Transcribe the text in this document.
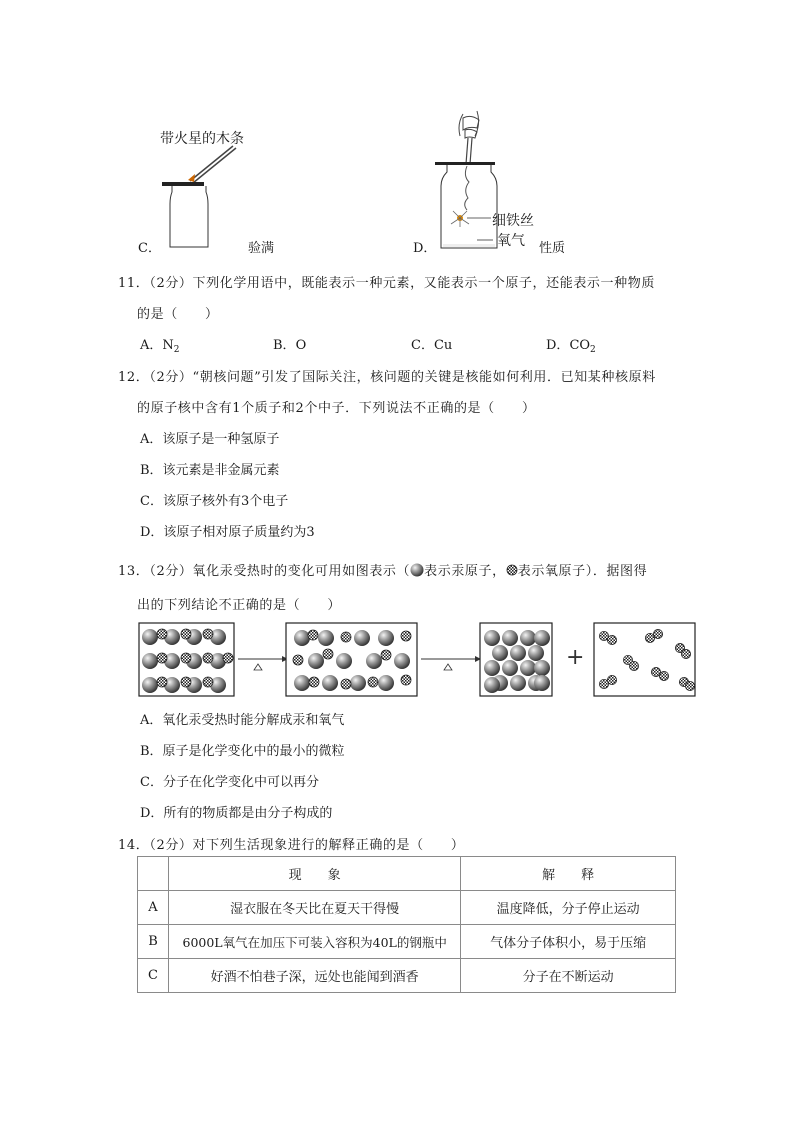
带火星的木条
C．	验满
细铁丝
氧气
D．	性质
11．（2分）下列化学用语中，既能表示一种元素，又能表示一个原子，还能表示一种物质
的是（　　）
A．$N_2$	B．O	C．Cu	D．$CO_2$
12．（2分）“朝核问题”引发了国际关注，核问题的关键是核能如何利用．已知某种核原料
的原子核中含有1个质子和2个中子．下列说法不正确的是（　　）
A．该原子是一种氢原子
B．该元素是非金属元素
C．该原子核外有3个电子
D．该原子相对原子质量约为3
13．（2分）氧化汞受热时的变化可用如图表示（ 表示汞原子， 表示氧原子）．据图得
出的下列结论不正确的是（　　）
+
A．氧化汞受热时能分解成汞和氧气
B．原子是化学变化中的最小的微粒
C．分子在化学变化中可以再分
D．所有的物质都是由分子构成的
14．（2分）对下列生活现象进行的解释正确的是（　　）
	现　　象	解　　释
A	湿衣服在冬天比在夏天干得慢	温度降低，分子停止运动
B	6000L氧气在加压下可装入容积为40L的钢瓶中	气体分子体积小，易于压缩
C	好酒不怕巷子深，远处也能闻到酒香	分子在不断运动
